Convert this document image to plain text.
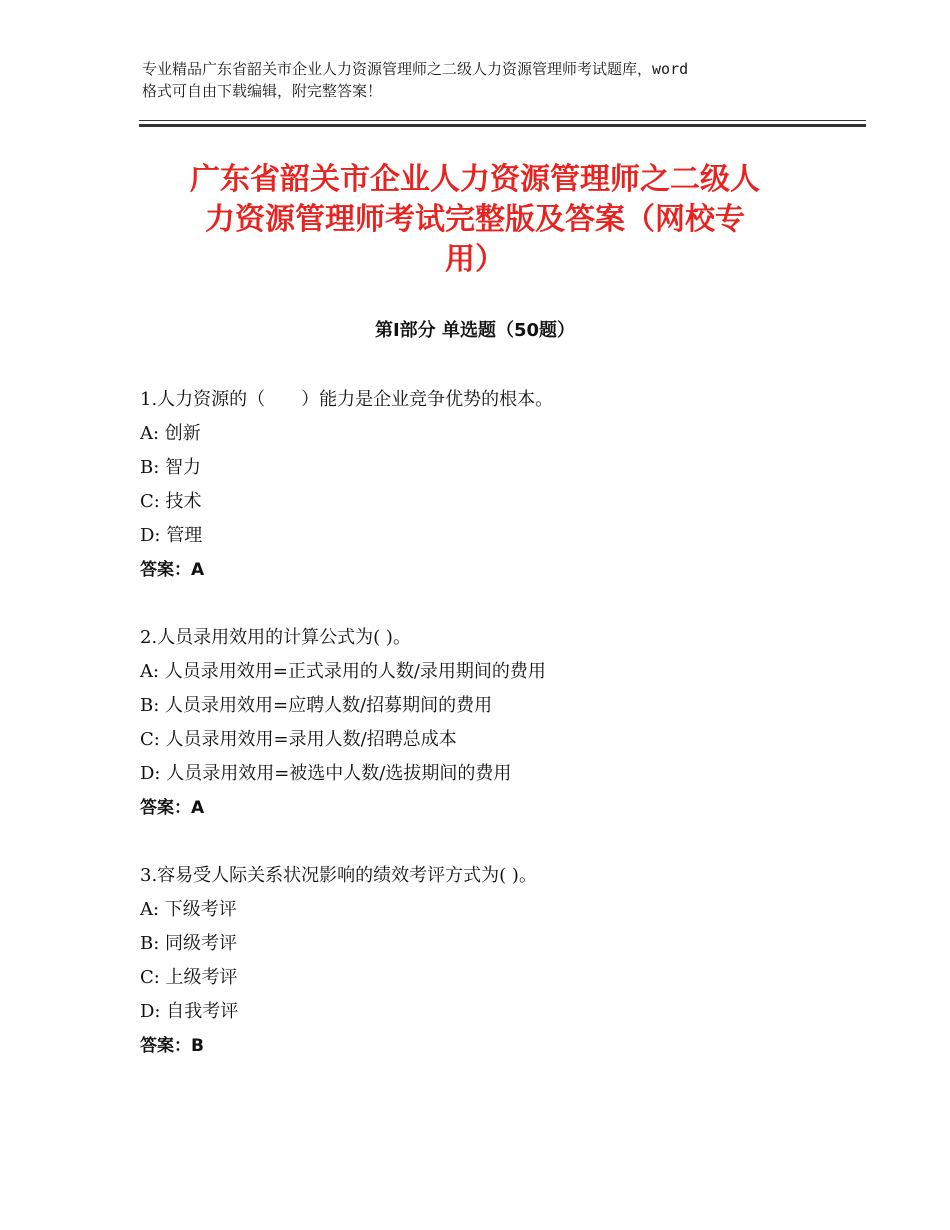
专业精品广东省韶关市企业人力资源管理师之二级人力资源管理师考试题库，word
格式可自由下载编辑，附完整答案！
广东省韶关市企业人力资源管理师之二级人
力资源管理师考试完整版及答案（网校专
用）
第Ⅰ部分 单选题（50题）
1.人力资源的（　　）能力是企业竞争优势的根本。
A: 创新
B: 智力
C: 技术
D: 管理
答案：A
2.人员录用效用的计算公式为( )。
A: 人员录用效用=正式录用的人数/录用期间的费用
B: 人员录用效用=应聘人数/招募期间的费用
C: 人员录用效用=录用人数/招聘总成本
D: 人员录用效用=被选中人数/选拔期间的费用
答案：A
3.容易受人际关系状况影响的绩效考评方式为( )。
A: 下级考评
B: 同级考评
C: 上级考评
D: 自我考评
答案：B
